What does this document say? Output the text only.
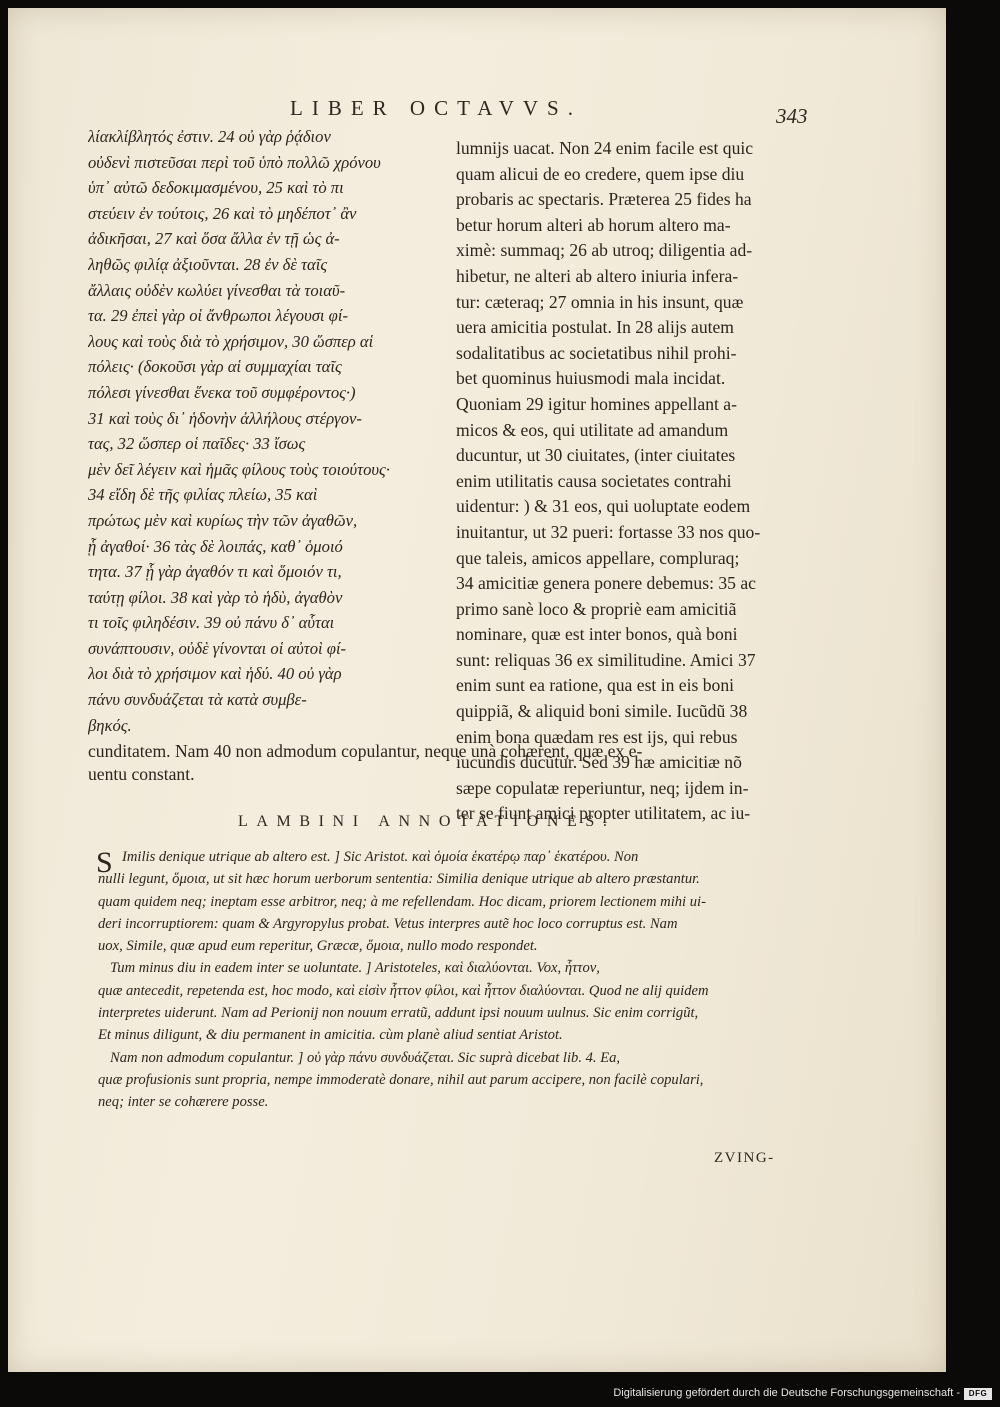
LIBER OCTAVVS.	343
λίακλίβλητός ἐστιν. 24 οὐ γὰρ ῥᾴδιον
οὐδενὶ πιστεῦσαι περὶ τοῦ ὑπὸ πολλῶ χρόνου
ὑπ᾽ αὐτῶ δεδοκιμασμένου, 25 καὶ τὸ πι
στεύειν ἐν τούτοις, 26 καὶ τὸ μηδέποτ᾽ ἂν
ἀδικῆσαι, 27 καὶ ὅσα ἄλλα ἐν τῇ ὡς ἀ-
ληθῶς φιλίᾳ ἀξιοῦνται. 28 ἐν δὲ ταῖς
ἄλλαις οὐδὲν κωλύει γίνεσθαι τὰ τοιαῦ-
τα. 29 ἐπεὶ γὰρ οἱ ἄνθρωποι λέγουσι φί-
λους καὶ τοὺς διὰ τὸ χρήσιμον, 30 ὥσπερ αἱ
πόλεις· (δοκοῦσι γὰρ αἱ συμμαχίαι ταῖς
πόλεσι γίνεσθαι ἕνεκα τοῦ συμφέροντος·)
31 καὶ τοὺς δι᾽ ἡδονὴν ἀλλήλους στέργον-
τας, 32 ὥσπερ οἱ παῖδες· 33 ἴσως
μὲν δεῖ λέγειν καὶ ἡμᾶς φίλους τοὺς τοιούτους·
34 εἴδη δὲ τῆς φιλίας πλείω, 35 καὶ
πρώτως μὲν καὶ κυρίως τὴν τῶν ἀγαθῶν,
ᾗ ἀγαθοί· 36 τὰς δὲ λοιπάς, καθ᾽ ὁμοιό
τητα. 37 ᾗ γὰρ ἀγαθόν τι καὶ ὅμοιόν τι,
ταύτῃ φίλοι. 38 καὶ γὰρ τὸ ἡδὺ, ἀγαθὸν
τι τοῖς φιληδέσιν. 39 οὐ πάνυ δ᾽ αὗται
συνάπτουσιν, οὐδὲ γίνονται οἱ αὐτοὶ φί-
λοι διὰ τὸ χρήσιμον καὶ ἡδύ. 40 οὐ γὰρ
πάνυ συνδυάζεται τὰ κατὰ συμβε-
βηκός.
lumnijs uacat. Non 24 enim facile est quic
quam alicui de eo credere, quem ipse diu
probaris ac spectaris. Præterea 25 fides ha
betur horum alteri ab horum altero ma-
ximè: summaq; 26 ab utroq; diligentia ad-
hibetur, ne alteri ab altero iniuria infera-
tur: cæteraq; 27 omnia in his insunt, quæ
uera amicitia postulat. In 28 alijs autem
sodalitatibus ac societatibus nihil prohi-
bet quominus huiusmodi mala incidat.
Quoniam 29 igitur homines appellant a-
micos & eos, qui utilitate ad amandum
ducuntur, ut 30 ciuitates, (inter ciuitates
enim utilitatis causa societates contrahi
uidentur: ) & 31 eos, qui uoluptate eodem
inuitantur, ut 32 pueri: fortasse 33 nos quo-
que taleis, amicos appellare, compluraq;
34 amicitiæ genera ponere debemus: 35 ac
primo sanè loco & propriè eam amicitiã
nominare, quæ est inter bonos, quà boni
sunt: reliquas 36 ex similitudine. Amici 37
enim sunt ea ratione, qua est in eis boni
quippiã, & aliquid boni simile. Iucũdũ 38
enim bona quædam res est ijs, qui rebus
iucundis ducũtur. Sed 39 hæ amicitiæ nõ
sæpe copulatæ reperiuntur, neq; ijdem in-
ter se fiunt amici propter utilitatem, ac iu-
cunditatem. Nam 40 non admodum copulantur, neque unà cohærent, quæ ex e-
uentu constant.
LAMBINI ANNOTATIONES.
S Imilis denique utrique ab altero est. ] Sic Aristot. καὶ ὁμοία ἑκατέρῳ παρ᾽ ἑκατέρου. Non
nulli legunt, ὅμοια, ut sit hæc horum uerborum sententia: Similia denique utrique ab altero præstantur.
quam quidem neq; ineptam esse arbitror, neq; à me refellendam. Hoc dicam, priorem lectionem mihi ui-
deri incorruptiorem: quam & Argyropylus probat. Vetus interpres autẽ hoc loco corruptus est. Nam
uox, Simile, quæ apud eum reperitur, Græcæ, ὅμοια, nullo modo respondet.
Tum minus diu in eadem inter se uoluntate. ] Aristoteles, καὶ διαλύονται. Vox, ἧττον,
quæ antecedit, repetenda est, hoc modo, καὶ εἰσὶν ἧττον φίλοι, καὶ ἧττον διαλύονται. Quod ne alij quidem
interpretes uiderunt. Nam ad Perionij non nouum erratũ, addunt ipsi nouum uulnus. Sic enim corrigũt,
Et minus diligunt, & diu permanent in amicitia. cùm planè aliud sentiat Aristot.
Nam non admodum copulantur. ] οὐ γὰρ πάνυ συνδυάζεται. Sic suprà dicebat lib. 4. Ea,
quæ profusionis sunt propria, nempe immoderatè donare, nihil aut parum accipere, non facilè copulari,
neq; inter se cohærere posse.
ZVING-
Digitalisierung gefördert durch die Deutsche Forschungsgemeinschaft -	DFG
